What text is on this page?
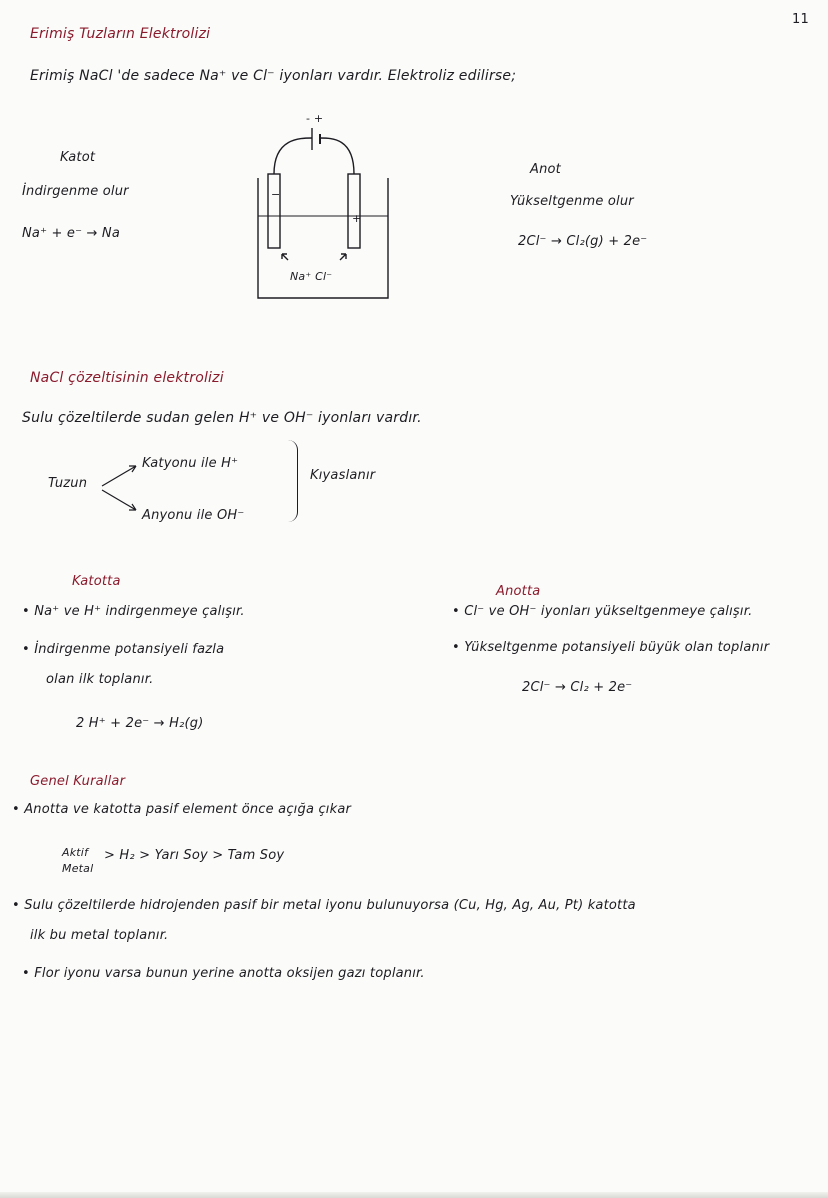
11
Erimiş Tuzların Elektrolizi
Erimiş NaCl 'de sadece Na⁺ ve Cl⁻ iyonları vardır. Elektroliz edilirse;
Katot
İndirgenme olur
Na⁺ + e⁻ → Na
Anot
Yükseltgenme olur
2Cl⁻ → Cl₂(g) + 2e⁻
- +
−
+
Na⁺ Cl⁻
NaCl çözeltisinin elektrolizi
Sulu çözeltilerde sudan gelen H⁺ ve OH⁻ iyonları vardır.
Tuzun
Katyonu ile H⁺
Anyonu ile OH⁻
Kıyaslanır
Katotta
• Na⁺ ve H⁺ indirgenmeye çalışır.
• İndirgenme potansiyeli fazla
olan ilk toplanır.
2 H⁺ + 2e⁻ → H₂(g)
Anotta
• Cl⁻ ve OH⁻ iyonları yükseltgenmeye çalışır.
• Yükseltgenme potansiyeli büyük olan toplanır
2Cl⁻ → Cl₂ + 2e⁻
Genel Kurallar
• Anotta ve katotta pasif element önce açığa çıkar
Aktif
Metal
> H₂ > Yarı Soy > Tam Soy
• Sulu çözeltilerde hidrojenden pasif bir metal iyonu bulunuyorsa (Cu, Hg, Ag, Au, Pt) katotta
ilk bu metal toplanır.
• Flor iyonu varsa bunun yerine anotta oksijen gazı toplanır.
